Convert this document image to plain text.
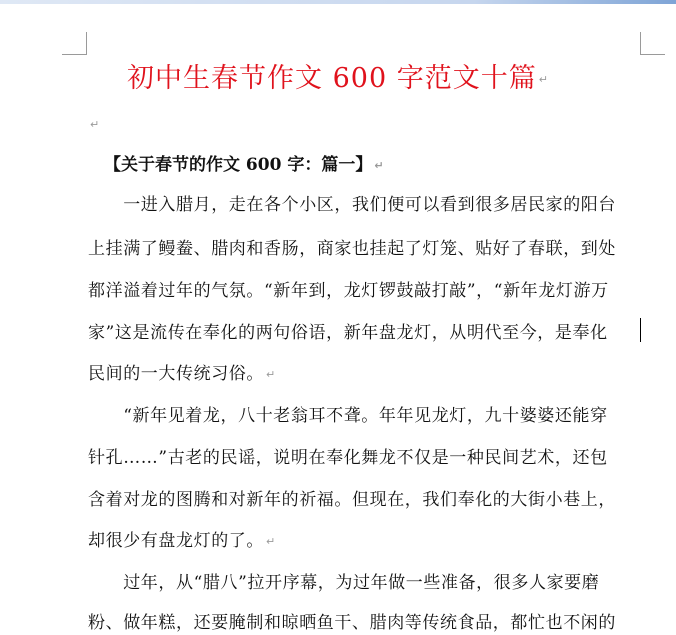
初中生春节作文 600 字范文十篇 ↵
↵
【关于春节的作文 600 字：篇一】 ↵
　　一进入腊月，走在各个小区，我们便可以看到很多居民家的阳台
上挂满了鳗鲞、腊肉和香肠，商家也挂起了灯笼、贴好了春联，到处
都洋溢着过年的气氛。“新年到，龙灯锣鼓敲打敲”，“新年龙灯游万
家”这是流传在奉化的两句俗语，新年盘龙灯，从明代至今，是奉化
民间的一大传统习俗。 ↵
　　“新年见着龙，八十老翁耳不聋。年年见龙灯，九十婆婆还能穿
针孔……”古老的民谣，说明在奉化舞龙不仅是一种民间艺术，还包
含着对龙的图腾和对新年的祈福。但现在，我们奉化的大街小巷上，
却很少有盘龙灯的了。 ↵
　　过年，从“腊八”拉开序幕，为过年做一些准备，很多人家要磨
粉、做年糕，还要腌制和晾晒鱼干、腊肉等传统食品，都忙也不闲的
